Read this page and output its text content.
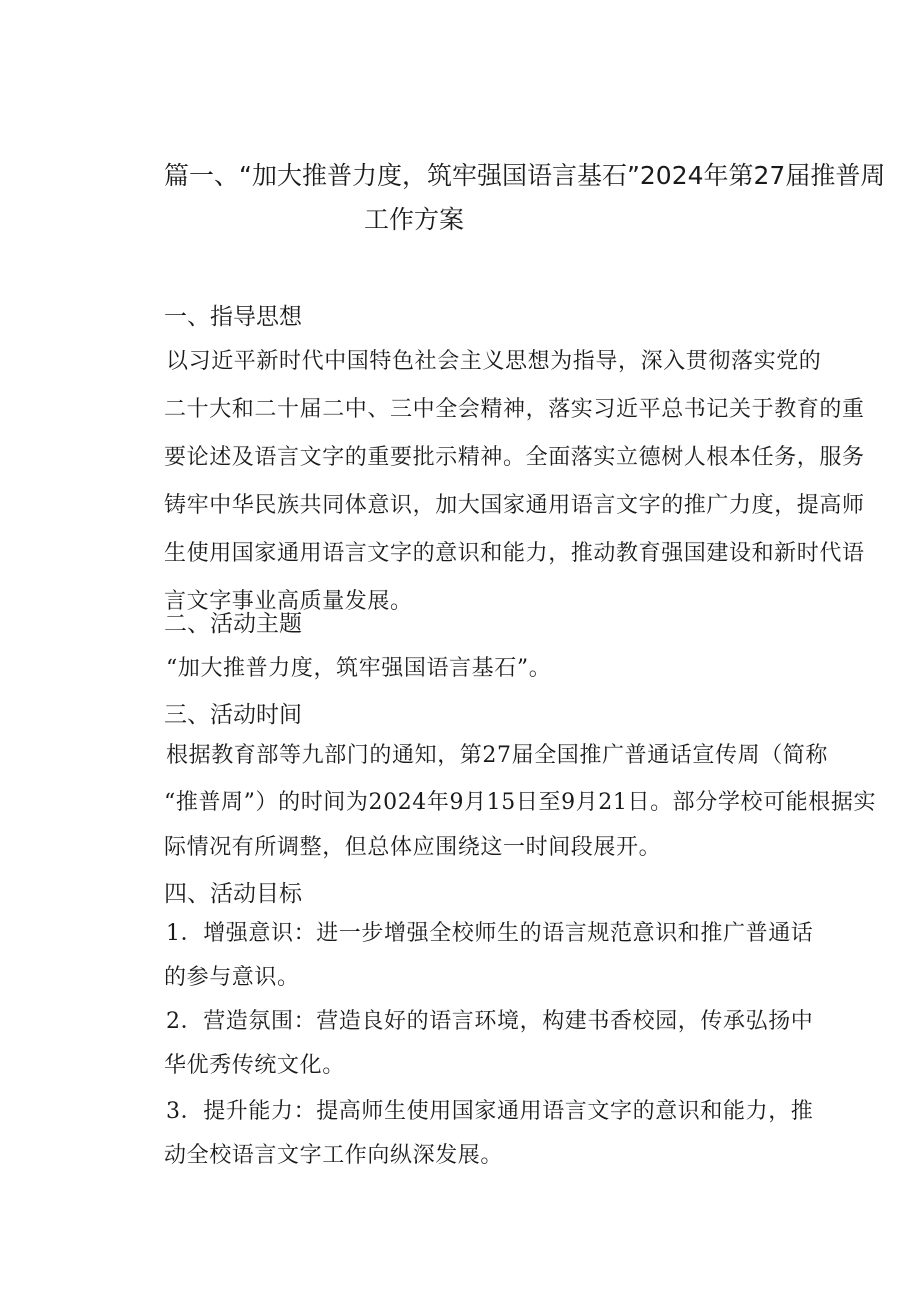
篇一、“加大推普力度，筑牢强国语言基石”2024年第27届推普周
工作方案
一、指导思想
以习近平新时代中国特色社会主义思想为指导，深入贯彻落实党的
二十大和二十届二中、三中全会精神，落实习近平总书记关于教育的重
要论述及语言文字的重要批示精神。全面落实立德树人根本任务，服务
铸牢中华民族共同体意识，加大国家通用语言文字的推广力度，提高师
生使用国家通用语言文字的意识和能力，推动教育强国建设和新时代语
言文字事业高质量发展。
二、活动主题
“加大推普力度，筑牢强国语言基石”。
三、活动时间
根据教育部等九部门的通知，第27届全国推广普通话宣传周（简称
“推普周”）的时间为2024年9月15日至9月21日。部分学校可能根据实
际情况有所调整，但总体应围绕这一时间段展开。
四、活动目标
1．增强意识：进一步增强全校师生的语言规范意识和推广普通话
的参与意识。
2．营造氛围：营造良好的语言环境，构建书香校园，传承弘扬中
华优秀传统文化。
3．提升能力：提高师生使用国家通用语言文字的意识和能力，推
动全校语言文字工作向纵深发展。
